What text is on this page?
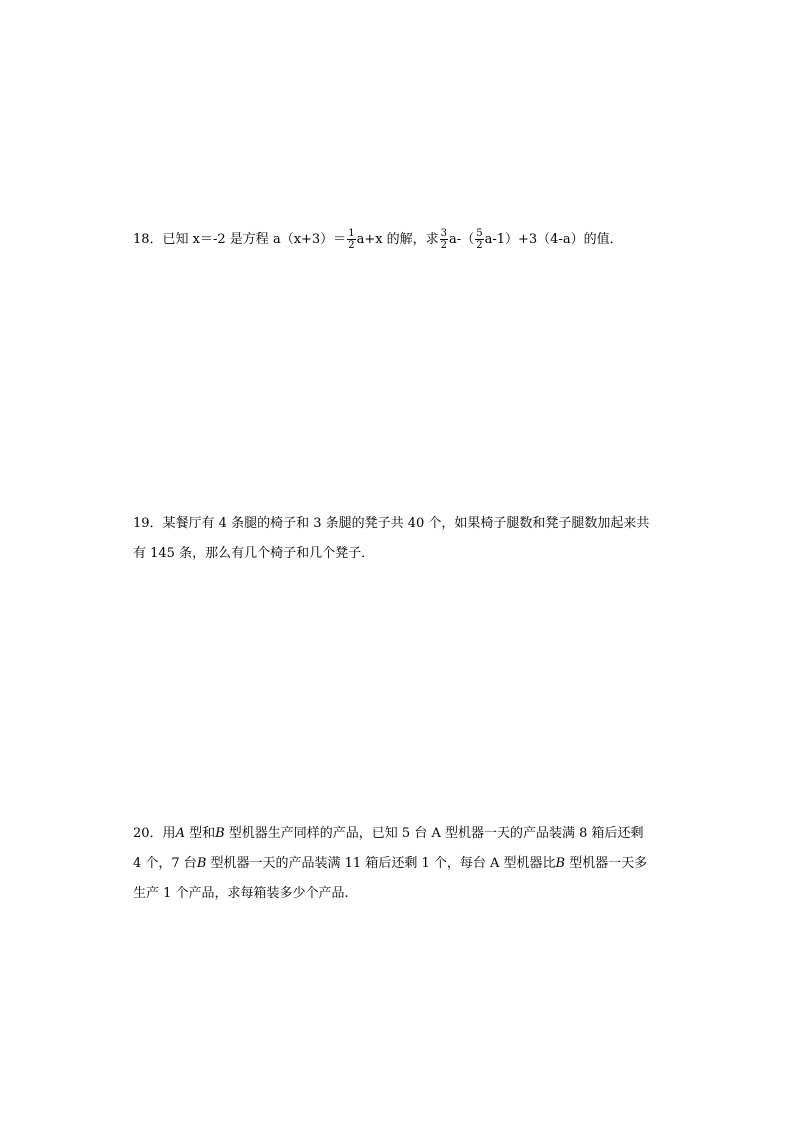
18．已知 x＝-2 是方程 $a(x+3)= \frac{1}{2} a+x$ 的解，求 $\frac{3}{2} a-( \frac{5}{2} a-1)+3(4-a)$的值．
19．某餐厅有 4 条腿的椅子和 3 条腿的凳子共 40 个，如果椅子腿数和凳子腿数加起来共
有 145 条，那么有几个椅子和几个凳子．
20．用A 型和B 型机器生产同样的产品，已知 5 台 A 型机器一天的产品装满 8 箱后还剩
4 个，7 台B 型机器一天的产品装满 11 箱后还剩 1 个，每台 A 型机器比B 型机器一天多
生产 1 个产品，求每箱装多少个产品.
